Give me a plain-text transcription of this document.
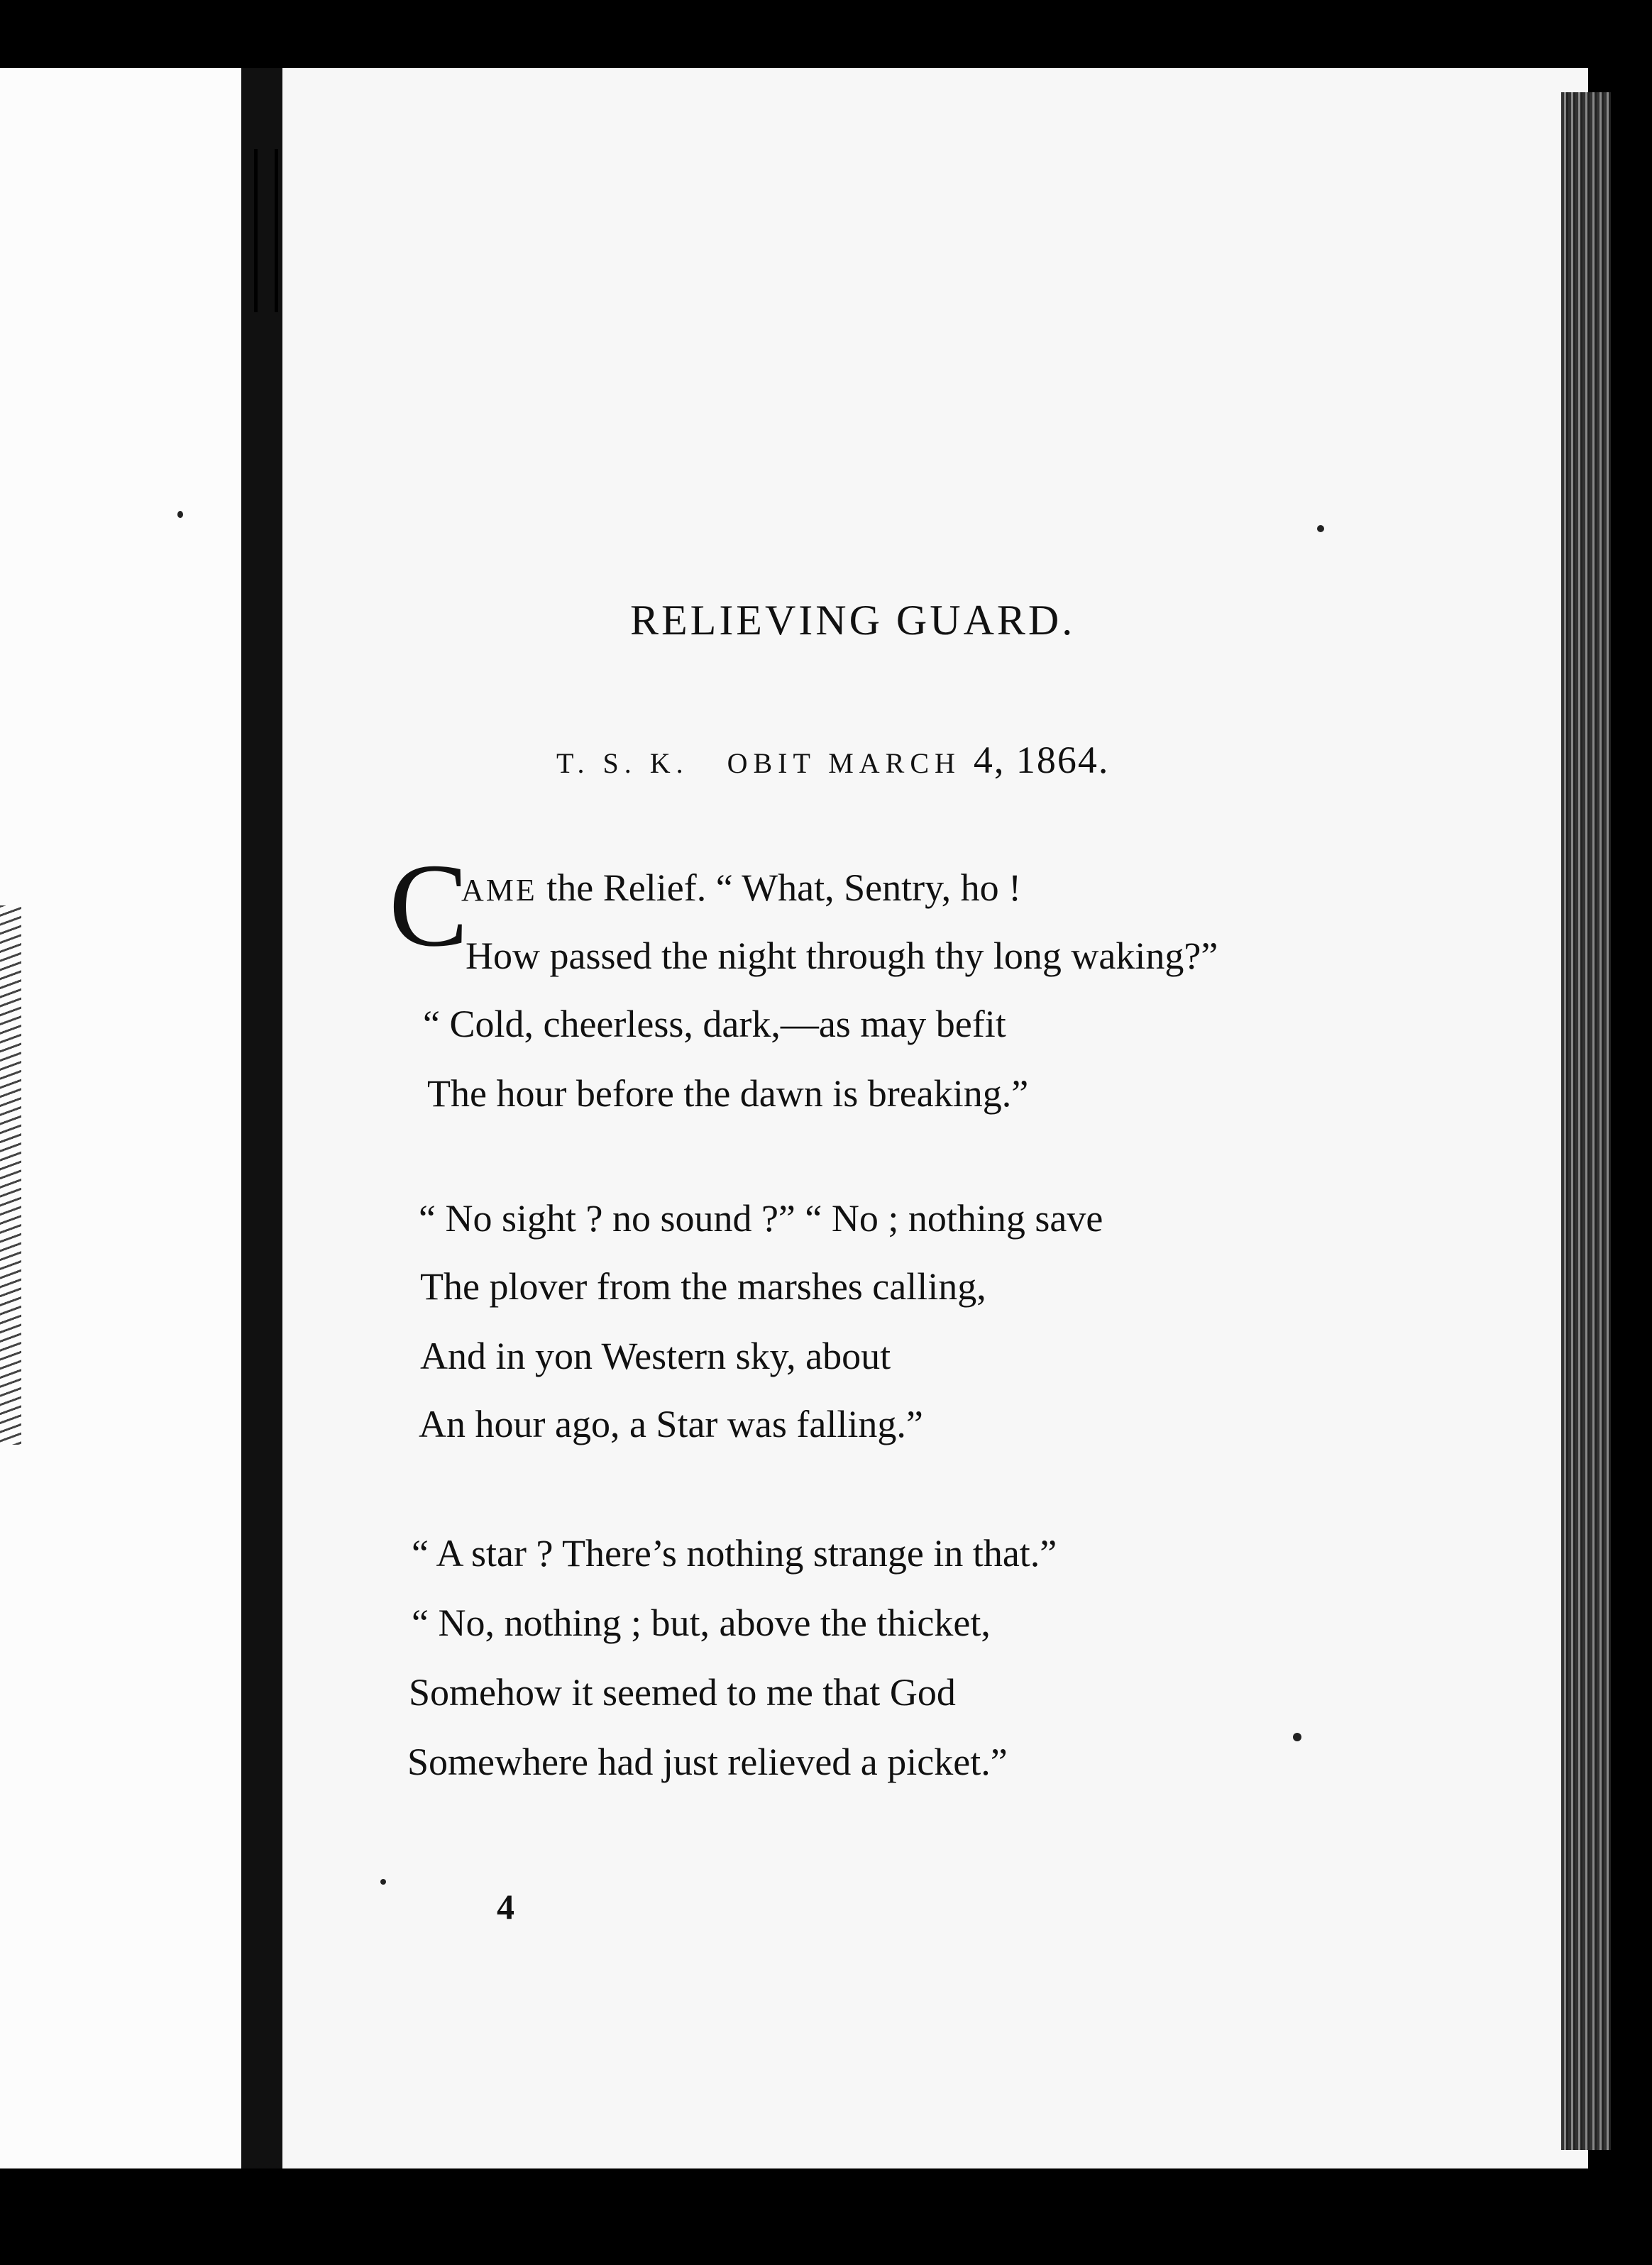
RELIEVING GUARD.
T. S. K. OBIT MARCH 4, 1864.
C
AME the Relief. “ What, Sentry, ho !
How passed the night through thy long waking?”
“ Cold, cheerless, dark,—as may befit
The hour before the dawn is breaking.”
“ No sight ? no sound ?” “ No ; nothing save
The plover from the marshes calling,
And in yon Western sky, about
An hour ago, a Star was falling.”
“ A star ? There’s nothing strange in that.”
“ No, nothing ; but, above the thicket,
Somehow it seemed to me that God
Somewhere had just relieved a picket.”
4
